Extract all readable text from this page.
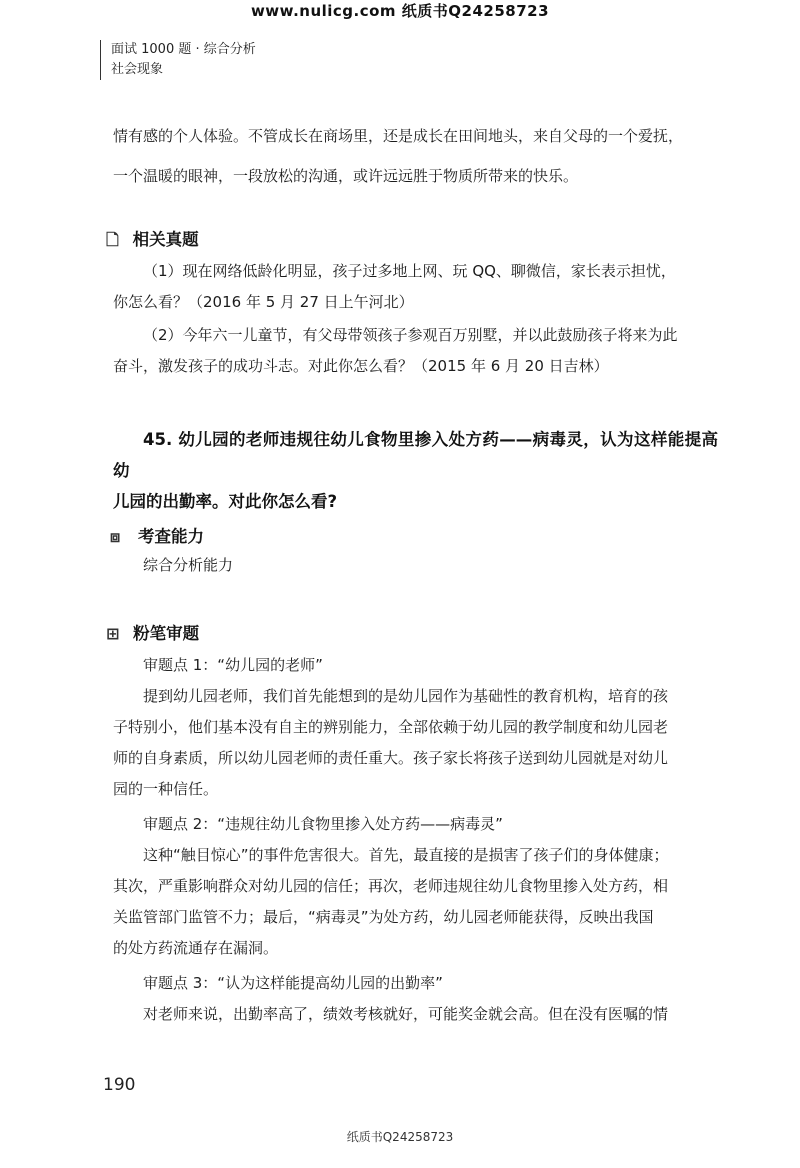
www.nulicg.com 纸质书Q24258723
面试 1000 题 · 综合分析
社会现象
情有感的个人体验。不管成长在商场里，还是成长在田间地头，来自父母的一个爱抚，
一个温暖的眼神，一段放松的沟通，或许远远胜于物质所带来的快乐。
🗋 相关真题
（1）现在网络低龄化明显，孩子过多地上网、玩 QQ、聊微信，家长表示担忧，
你怎么看？（2016 年 5 月 27 日上午河北）
（2）今年六一儿童节，有父母带领孩子参观百万别墅，并以此鼓励孩子将来为此
奋斗，激发孩子的成功斗志。对此你怎么看？（2015 年 6 月 20 日吉林）
45. 幼儿园的老师违规往幼儿食物里掺入处方药——病毒灵，认为这样能提高幼
儿园的出勤率。对此你怎么看?
⧈ 考查能力
综合分析能力
⊞ 粉笔审题
审题点 1：“幼儿园的老师”
提到幼儿园老师，我们首先能想到的是幼儿园作为基础性的教育机构，培育的孩
子特别小，他们基本没有自主的辨别能力，全部依赖于幼儿园的教学制度和幼儿园老
师的自身素质，所以幼儿园老师的责任重大。孩子家长将孩子送到幼儿园就是对幼儿
园的一种信任。
审题点 2：“违规往幼儿食物里掺入处方药——病毒灵”
这种“触目惊心”的事件危害很大。首先，最直接的是损害了孩子们的身体健康；
其次，严重影响群众对幼儿园的信任；再次，老师违规往幼儿食物里掺入处方药，相
关监管部门监管不力；最后，“病毒灵”为处方药，幼儿园老师能获得，反映出我国
的处方药流通存在漏洞。
审题点 3：“认为这样能提高幼儿园的出勤率”
对老师来说，出勤率高了，绩效考核就好，可能奖金就会高。但在没有医嘱的情
190
纸质书Q24258723
